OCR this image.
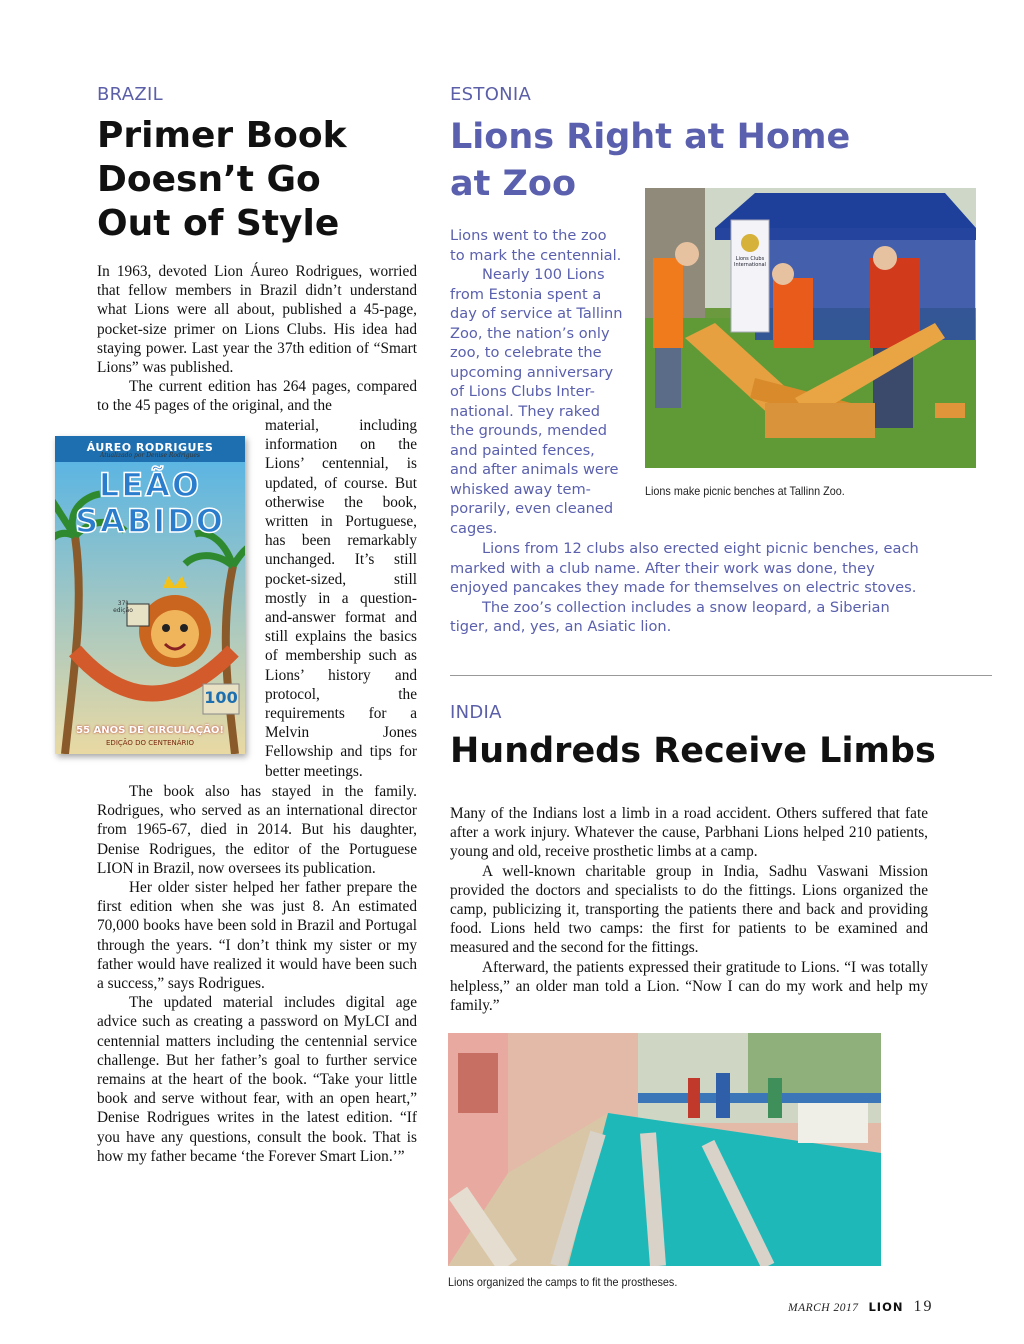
BRAZIL
Primer Book
Doesn’t Go
Out of Style

In 1963, devoted Lion Áureo Rodrigues, worried that fellow members in Brazil didn’t understand what Lions were all about, published a 45-page, pocket-size primer on Lions Clubs. His idea had staying power. Last year the 37th edition of “Smart Lions” was published.

The current edition has 264 pages, compared to the 45 pages of the original, and the

ÁUREO RODRIGUES
Atualizado por Denise Rodrigues
LEÃO
SABIDO
37ª edição
100
55 ANOS DE CIRCULAÇÃO!
EDIÇÃO DO CENTENÁRIO

material, including information on the Lions’ centennial, is updated, of course. But otherwise the book, written in Portuguese, has been remarkably unchanged. It’s still pocket-sized, still mostly in a question-and-answer format and still explains the basics of membership such as Lions’ history and protocol, the requirements for a Melvin Jones Fellowship and tips for better meetings.

The book also has stayed in the family. Rodrigues, who served as an international director from 1965-67, died in 2014. But his daughter, Denise Rodrigues, the editor of the Portuguese LION in Brazil, now oversees its publication.

Her older sister helped her father prepare the first edition when she was just 8. An estimated 70,000 books have been sold in Brazil and Portugal through the years. “I don’t think my sister or my father would have realized it would have been such a success,” says Rodrigues.

The updated material includes digital age advice such as creating a password on MyLCI and centennial matters including the centennial service challenge. But her father’s goal to further service remains at the heart of the book. “Take your little book and serve without fear, with an open heart,” Denise Rodrigues writes in the latest edition. “If you have any questions, consult the book. That is how my father became ‘the Forever Smart Lion.’”

ESTONIA
Lions Right at Home
at Zoo
Lions Clubs International
Lions make picnic benches at Tallinn Zoo.
Lions went to the zoo
to mark the centennial.
Nearly 100 Lions
from Estonia spent a
day of service at Tallinn
Zoo, the nation’s only
zoo, to celebrate the
upcoming anniversary
of Lions Clubs Inter-
national. They raked
the grounds, mended
and painted fences,
and after animals were
whisked away tem-
porarily, even cleaned
cages.

Lions from 12 clubs also erected eight picnic benches, each marked with a club name. After their work was done, they enjoyed pancakes they made for themselves on electric stoves.

The zoo’s collection includes a snow leopard, a Siberian tiger, and, yes, an Asiatic lion.

INDIA
Hundreds Receive Limbs

Many of the Indians lost a limb in a road accident. Others suffered that fate after a work injury. Whatever the cause, Parbhani Lions helped 210 patients, young and old, receive prosthetic limbs at a camp.

A well-known charitable group in India, Sadhu Vaswani Mission provided the doctors and specialists to do the fittings. Lions organized the camp, publicizing it, transporting the patients there and back and providing food. Lions held two camps: the first for patients to be examined and measured and the second for the fittings.

Afterward, the patients expressed their gratitude to Lions. “I was totally helpless,” an older man told a Lion. “Now I can do my work and help my family.”

Lions organized the camps to fit the prostheses.
MARCH 2017 LION 19
